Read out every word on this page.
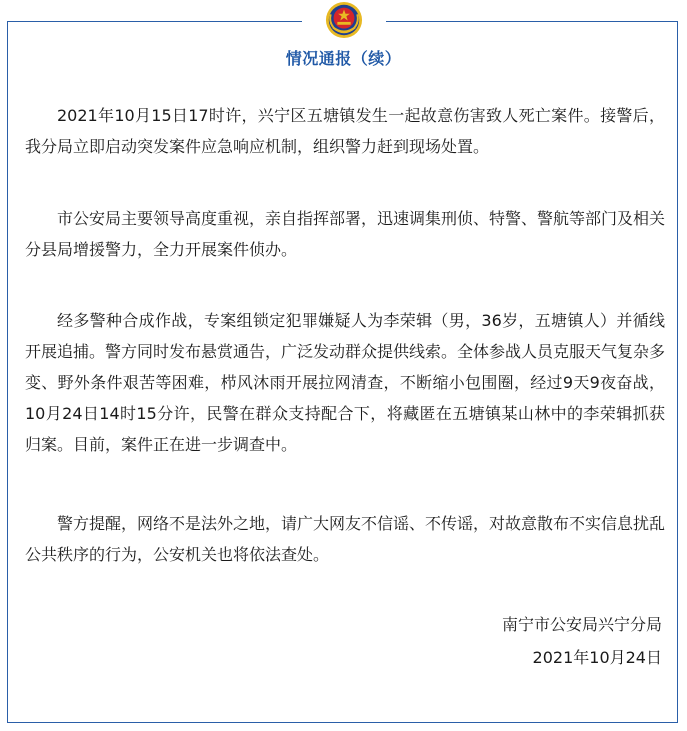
情况通报（续）

2021年10月15日17时许，兴宁区五塘镇发生一起故意伤害致人死亡案件。接警后，我分局立即启动突发案件应急响应机制，组织警力赶到现场处置。

市公安局主要领导高度重视，亲自指挥部署，迅速调集刑侦、特警、警航等部门及相关分县局增援警力，全力开展案件侦办。

经多警种合成作战，专案组锁定犯罪嫌疑人为李荣辑（男，36岁，五塘镇人）并循线开展追捕。警方同时发布悬赏通告，广泛发动群众提供线索。全体参战人员克服天气复杂多变、野外条件艰苦等困难，栉风沐雨开展拉网清查，不断缩小包围圈，经过9天9夜奋战，10月24日14时15分许，民警在群众支持配合下，将藏匿在五塘镇某山林中的李荣辑抓获归案。目前，案件正在进一步调查中。

警方提醒，网络不是法外之地，请广大网友不信谣、不传谣，对故意散布不实信息扰乱公共秩序的行为，公安机关也将依法查处。

南宁市公安局兴宁分局
2021年10月24日
